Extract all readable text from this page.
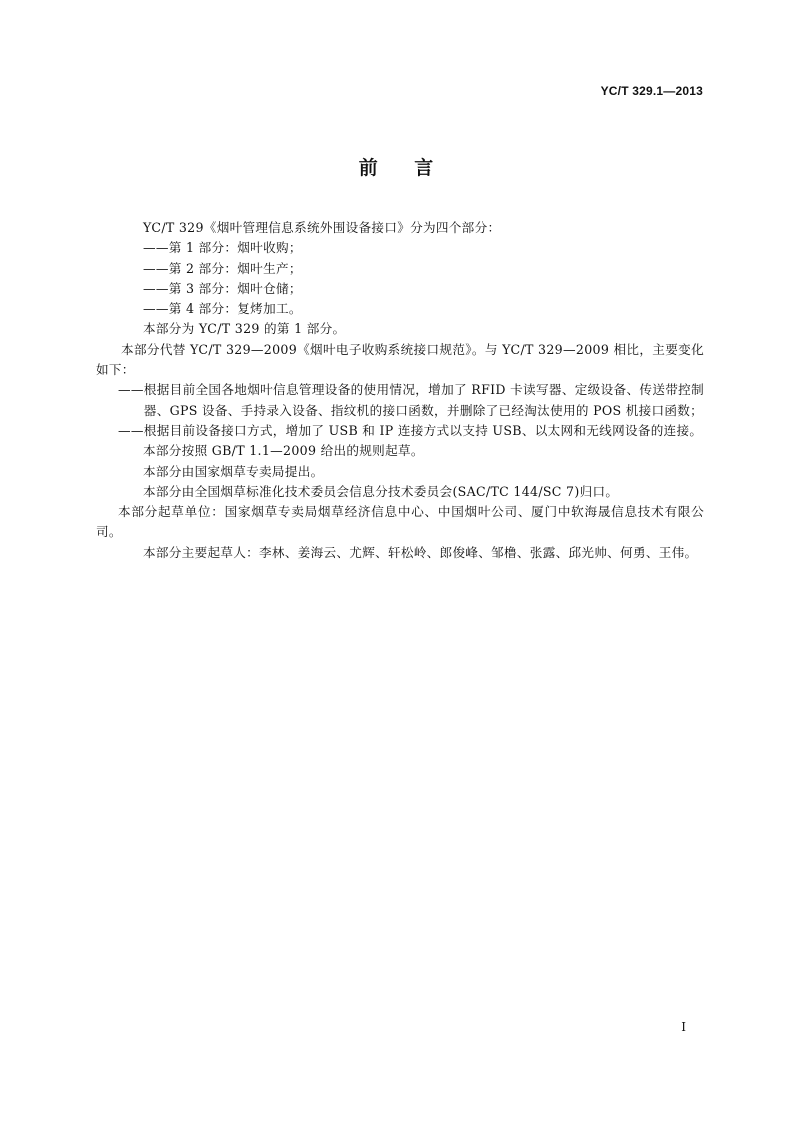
YC/T 329.1—2013
前 言

YC/T 329《烟叶管理信息系统外围设备接口》分为四个部分：

——第 1 部分：烟叶收购；

——第 2 部分：烟叶生产；

——第 3 部分：烟叶仓储；

——第 4 部分：复烤加工。

本部分为 YC/T 329 的第 1 部分。

本部分代替 YC/T 329—2009《烟叶电子收购系统接口规范》。与 YC/T 329—2009 相比，主要变化如下：

—— 根据目前全国各地烟叶信息管理设备的使用情况，增加了 RFID 卡读写器、定级设备、传送带控制器、GPS 设备、手持录入设备、指纹机的接口函数，并删除了已经淘汰使用的 POS 机接口函数；
—— 根据目前设备接口方式，增加了 USB 和 IP 连接方式以支持 USB、以太网和无线网设备的连接。

本部分按照 GB/T 1.1—2009 给出的规则起草。

本部分由国家烟草专卖局提出。

本部分由全国烟草标准化技术委员会信息分技术委员会(SAC/TC 144/SC 7)归口。

本部分起草单位：国家烟草专卖局烟草经济信息中心、中国烟叶公司、厦门中软海晟信息技术有限公司。

本部分主要起草人：李林、姜海云、尤辉、轩松岭、郎俊峰、邹橹、张露、邱光帅、何勇、王伟。

I
